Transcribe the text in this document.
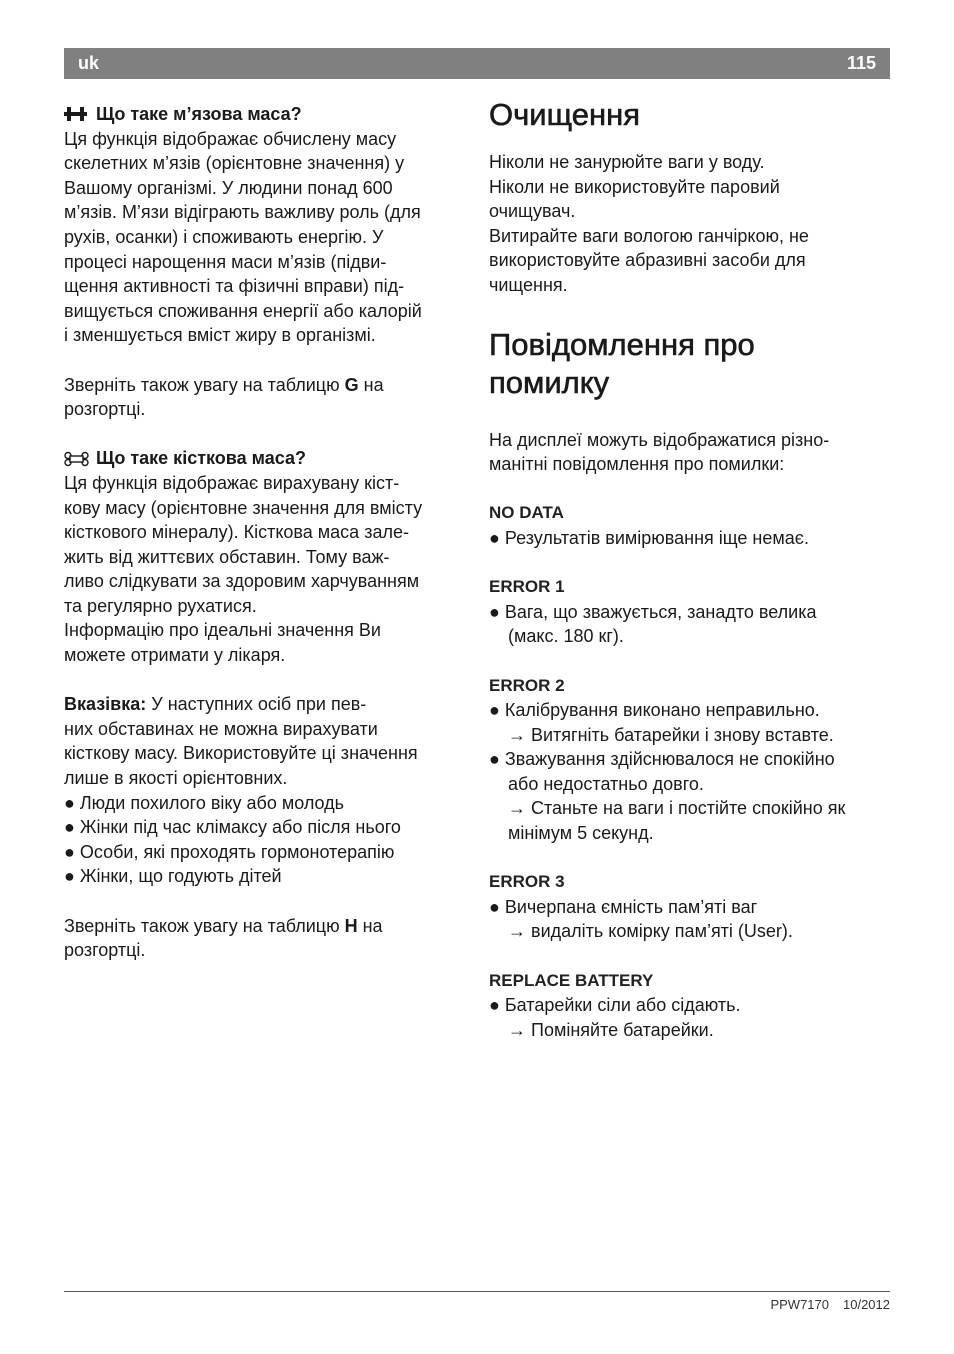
uk	115
Що таке м’язова маса?
Ця функція відображає обчислену масу
скелетних м’язів (орієнтовне значення) у
Вашому організмі. У людини понад 600
м’язів. М’язи відіграють важливу роль (для
рухів, осанки) і споживають енергію. У
процесі нарощення маси м’язів (підви-
щення активності та фізичні вправи) під-
вищується споживання енергії або калорій
і зменшується вміст жиру в організмі.
Зверніть також увагу на таблицю G на
розгортці.
Що таке кісткова маса?
Ця функція відображає вирахувану кіст-
кову масу (орієнтовне значення для вмісту
кісткового мінералу). Кісткова маса зале-
жить від життєвих обставин. Тому важ-
ливо слідкувати за здоровим харчуванням
та регулярно рухатися.
Інформацію про ідеальні значення Ви
можете отримати у лікаря.
Вказівка: У наступних осіб при пев-
них обставинах не можна вирахувати
кісткову масу. Використовуйте ці значення
лише в якості орієнтовних.
● Люди похилого віку або молодь
● Жінки під час клімаксу або після нього
● Особи, які проходять гормонотерапію
● Жінки, що годують дітей
Зверніть також увагу на таблицю H на
розгортці.
Очищення
Ніколи не занурюйте ваги у воду.
Ніколи не використовуйте паровий
очищувач.
Витирайте ваги вологою ганчіркою, не
використовуйте абразивні засоби для
чищення.
Повідомлення про
помилку
На дисплеї можуть відображатися різно-
манітні повідомлення про помилки:
NO DATA
● Результатів вимірювання іще немає.
ERROR 1
● Вага, що зважується, занадто велика
(макс. 180 кг).
ERROR 2
● Калібрування виконано неправильно.
→ Витягніть батарейки і знову вставте.
● Зважування здійснювалося не спокійно
або недостатньо довго.
→ Станьте на ваги і постійте спокійно як
мінімум 5 секунд.
ERROR 3
● Вичерпана ємність пам’яті ваг
→ видаліть комірку пам’яті (User).
REPLACE BATTERY
● Батарейки сіли або сідають.
→ Поміняйте батарейки.
PPW7170 10/2012
